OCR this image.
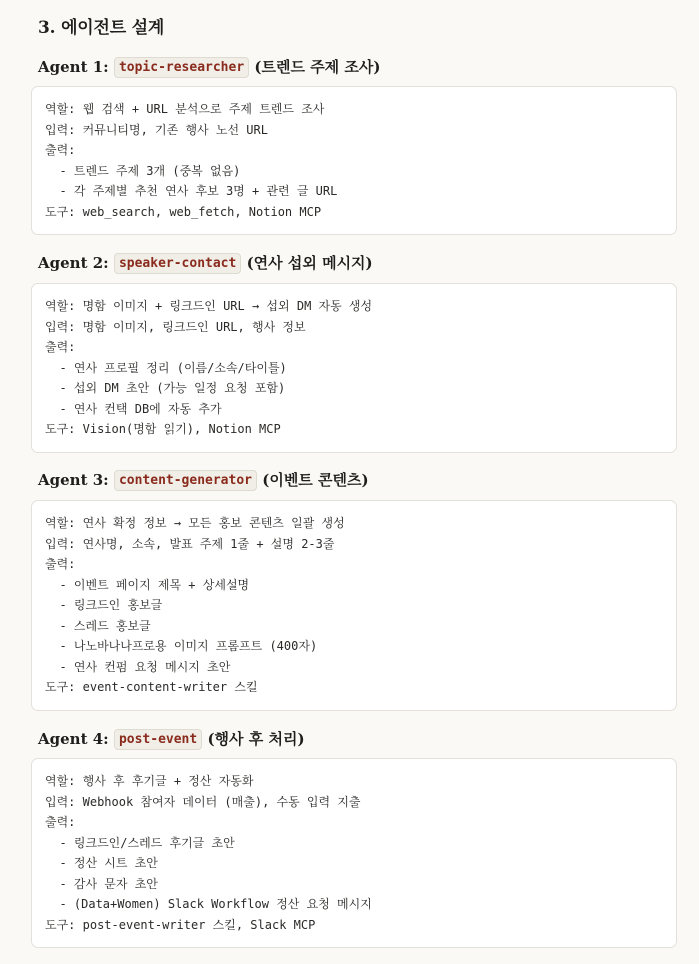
3. 에이전트 설계
Agent 1: topic-researcher (트렌드 주제 조사)
역할: 웹 검색 + URL 분석으로 주제 트렌드 조사
입력: 커뮤니티명, 기존 행사 노선 URL
출력:
- 트렌드 주제 3개 (중복 없음)
- 각 주제별 추천 연사 후보 3명 + 관련 글 URL
도구: web_search, web_fetch, Notion MCP
Agent 2: speaker-contact (연사 섭외 메시지)
역할: 명함 이미지 + 링크드인 URL → 섭외 DM 자동 생성
입력: 명함 이미지, 링크드인 URL, 행사 정보
출력:
- 연사 프로필 정리 (이름/소속/타이틀)
- 섭외 DM 초안 (가능 일정 요청 포함)
- 연사 컨택 DB에 자동 추가
도구: Vision(명함 읽기), Notion MCP
Agent 3: content-generator (이벤트 콘텐츠)
역할: 연사 확정 정보 → 모든 홍보 콘텐츠 일괄 생성
입력: 연사명, 소속, 발표 주제 1줄 + 설명 2-3줄
출력:
- 이벤트 페이지 제목 + 상세설명
- 링크드인 홍보글
- 스레드 홍보글
- 나노바나나프로용 이미지 프롬프트 (400자)
- 연사 컨펌 요청 메시지 초안
도구: event-content-writer 스킬
Agent 4: post-event (행사 후 처리)
역할: 행사 후 후기글 + 정산 자동화
입력: Webhook 참여자 데이터 (매출), 수동 입력 지출
출력:
- 링크드인/스레드 후기글 초안
- 정산 시트 초안
- 감사 문자 초안
- (Data+Women) Slack Workflow 정산 요청 메시지
도구: post-event-writer 스킬, Slack MCP
